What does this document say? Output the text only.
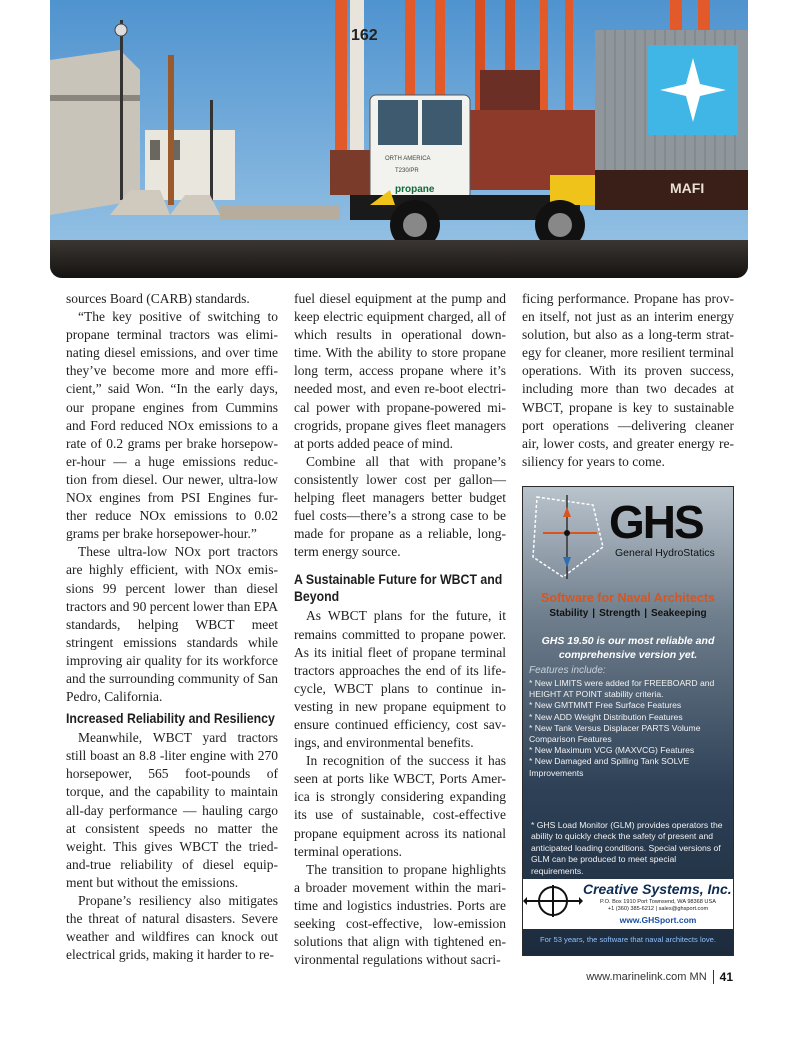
162
MAFI
ORTH AMERICA
T230/PR
propane

sources Board (CARB) standards.

“The key positive of switching to propane terminal tractors was elimi- nating diesel emissions, and over time they’ve become more and more effi- cient,” said Won. “In the early days, our propane engines from Cummins and Ford reduced NOx emissions to a rate of 0.2 grams per brake horsepow- er-hour — a huge emissions reduc- tion from diesel. Our newer, ultra-low NOx engines from PSI Engines fur- ther reduce NOx emissions to 0.02 grams per brake horsepower-hour.”

These ultra-low NOx port tractors are highly efficient, with NOx emis- sions 99 percent lower than diesel tractors and 90 percent lower than EPA standards, helping WBCT meet stringent emissions standards while improving air quality for its workforce and the surrounding community of San Pedro, California.

Increased Reliability and Resiliency

Meanwhile, WBCT yard tractors still boast an 8.8 -liter engine with 270 horsepower, 565 foot-pounds of torque, and the capability to maintain all-day performance — hauling cargo at consistent speeds no matter the weight. This gives WBCT the tried- and-true reliability of diesel equip- ment but without the emissions.

Propane’s resiliency also mitigates the threat of natural disasters. Severe weather and wildfires can knock out electrical grids, making it harder to re-

fuel diesel equipment at the pump and keep electric equipment charged, all of which results in operational down- time. With the ability to store propane long term, access propane where it’s needed most, and even re-boot electri- cal power with propane-powered mi- crogrids, propane gives fleet managers at ports added peace of mind.

Combine all that with propane’s consistently lower cost per gallon— helping fleet managers better budget fuel costs—there’s a strong case to be made for propane as a reliable, long- term energy source.

A Sustainable Future for WBCT and Beyond

As WBCT plans for the future, it remains committed to propane power. As its initial fleet of propane terminal tractors approaches the end of its life- cycle, WBCT plans to continue in- vesting in new propane equipment to ensure continued efficiency, cost sav- ings, and environmental benefits.

In recognition of the success it has seen at ports like WBCT, Ports Amer- ica is strongly considering expanding its use of sustainable, cost-effective propane equipment across its national terminal operations.

The transition to propane highlights a broader movement within the mari- time and logistics industries. Ports are seeking cost-effective, low-emission solutions that align with tightened en- vironmental regulations without sacri-

ficing performance. Propane has prov- en itself, not just as an interim energy solution, but also as a long-term strat- egy for cleaner, more resilient terminal operations. With its proven success, including more than two decades at WBCT, propane is key to sustainable port operations —delivering cleaner air, lower costs, and greater energy re- siliency for years to come.

GHS
General HydroStatics
Software for Naval Architects
Stability | Strength | Seakeeping
GHS 19.50 is our most reliable and comprehensive version yet.
Features include:
* New LIMITS were added for FREEBOARD and HEIGHT AT POINT stability criteria.
* New GMTMMT Free Surface Features
* New ADD Weight Distribution Features
* New Tank Versus Displacer PARTS Volume Comparison Features
* New Maximum VCG (MAXVCG) Features
* New Damaged and Spilling Tank SOLVE Improvements
* GHS Load Monitor (GLM) provides operators the ability to quickly check the safety of present and anticipated loading conditions. Special versions of GLM can be produced to meet special requirements.
Creative Systems, Inc.
P.O. Box 1910 Port Townsend, WA 98368 USA
+1 (360) 385-6212 | sales@ghsport.com
www.GHSport.com
For 53 years, the software that naval architects love.
www.marinelink.com
MN 41
